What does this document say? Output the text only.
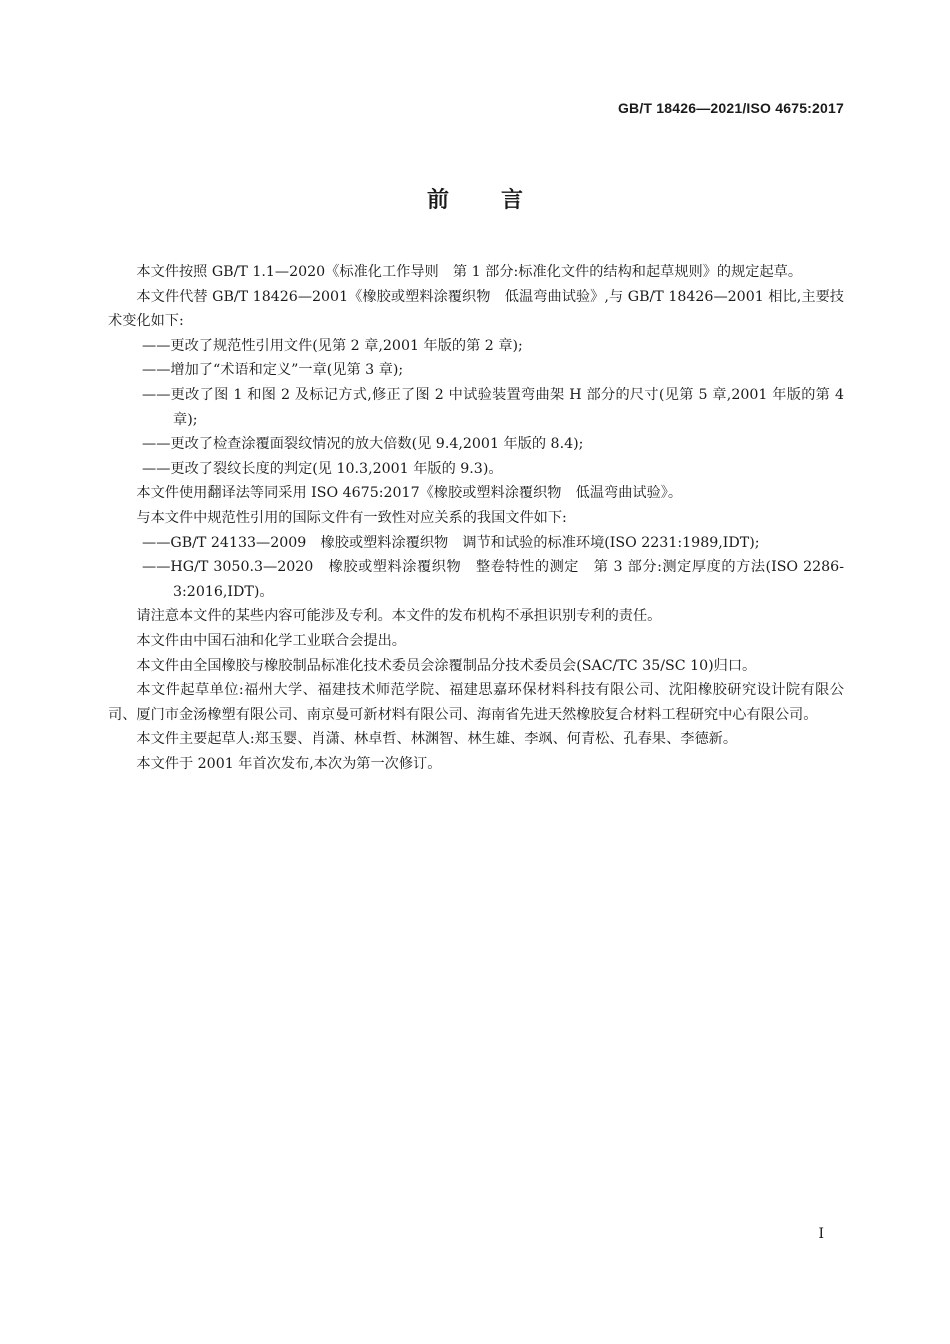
GB/T 18426—2021/ISO 4675:2017
前言

本文件按照 GB/T 1.1—2020《标准化工作导则　第 1 部分:标准化文件的结构和起草规则》的规定起草。

本文件代替 GB/T 18426—2001《橡胶或塑料涂覆织物　低温弯曲试验》,与 GB/T 18426—2001 相比,主要技术变化如下:

——更改了规范性引用文件(见第 2 章,2001 年版的第 2 章);

——增加了“术语和定义”一章(见第 3 章);

——更改了图 1 和图 2 及标记方式,修正了图 2 中试验装置弯曲架 H 部分的尺寸(见第 5 章,2001 年版的第 4 章);

——更改了检查涂覆面裂纹情况的放大倍数(见 9.4,2001 年版的 8.4);

——更改了裂纹长度的判定(见 10.3,2001 年版的 9.3)。

本文件使用翻译法等同采用 ISO 4675:2017《橡胶或塑料涂覆织物　低温弯曲试验》。

与本文件中规范性引用的国际文件有一致性对应关系的我国文件如下:

——GB/T 24133—2009　橡胶或塑料涂覆织物　调节和试验的标准环境(ISO 2231:1989,IDT);

——HG/T 3050.3—2020　橡胶或塑料涂覆织物　整卷特性的测定　第 3 部分:测定厚度的方法(ISO 2286-3:2016,IDT)。

请注意本文件的某些内容可能涉及专利。本文件的发布机构不承担识别专利的责任。

本文件由中国石油和化学工业联合会提出。

本文件由全国橡胶与橡胶制品标准化技术委员会涂覆制品分技术委员会(SAC/TC 35/SC 10)归口。

本文件起草单位:福州大学、福建技术师范学院、福建思嘉环保材料科技有限公司、沈阳橡胶研究设计院有限公司、厦门市金汤橡塑有限公司、南京曼可新材料有限公司、海南省先进天然橡胶复合材料工程研究中心有限公司。

本文件主要起草人:郑玉婴、肖潇、林卓哲、林渊智、林生雄、李飒、何青松、孔春果、李德新。

本文件于 2001 年首次发布,本次为第一次修订。

I
